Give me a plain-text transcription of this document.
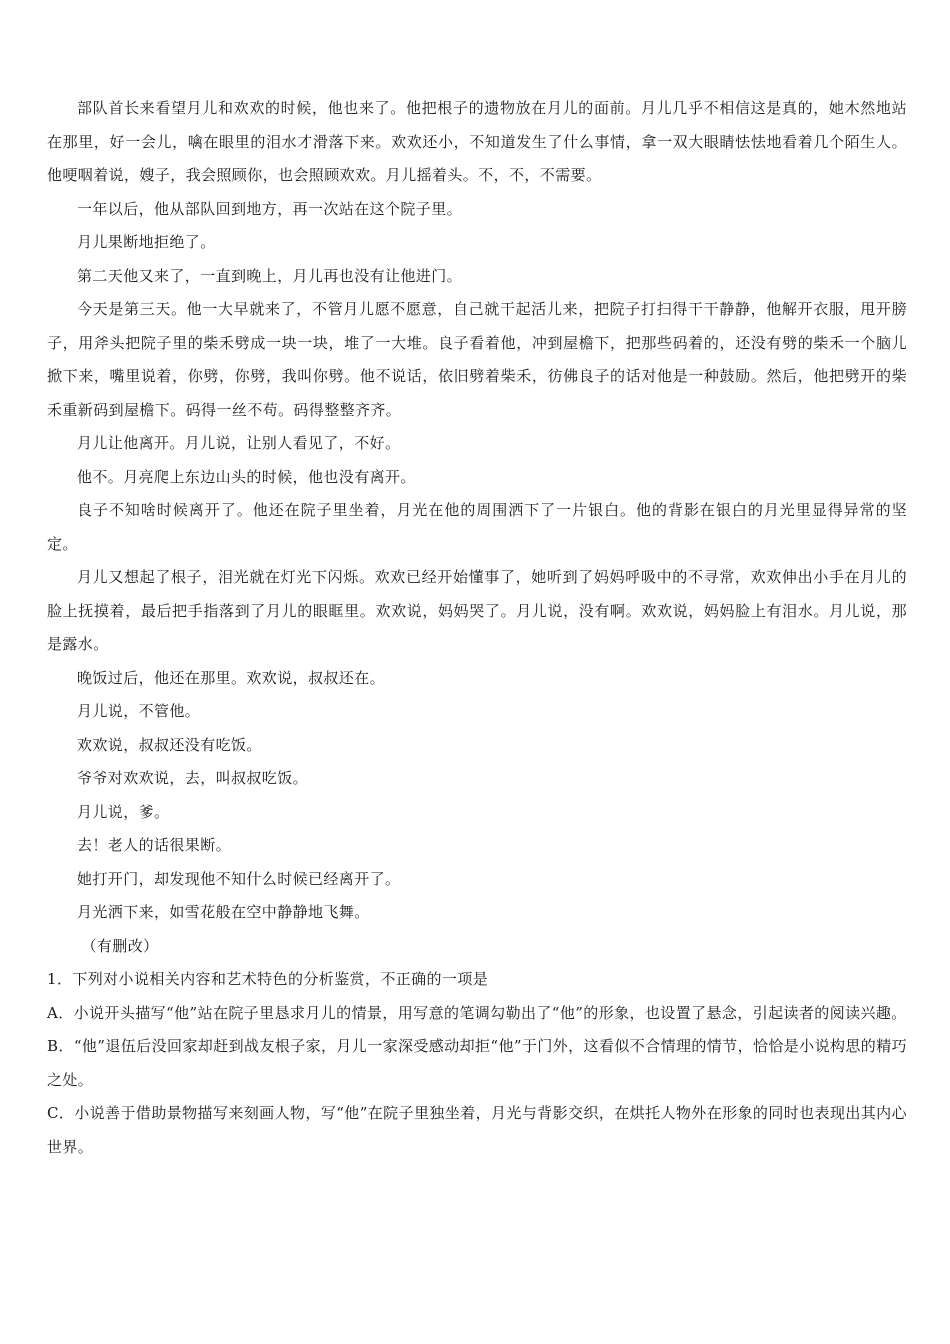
部队首长来看望月儿和欢欢的时候，他也来了。他把根子的遗物放在月儿的面前。月儿几乎不相信这是真的，她木然地站在那里，好一会儿，噙在眼里的泪水才滑落下来。欢欢还小，不知道发生了什么事情，拿一双大眼睛怯怯地看着几个陌生人。他哽咽着说，嫂子，我会照顾你，也会照顾欢欢。月儿摇着头。不，不，不需要。

一年以后，他从部队回到地方，再一次站在这个院子里。

月儿果断地拒绝了。

第二天他又来了，一直到晚上，月儿再也没有让他进门。

今天是第三天。他一大早就来了，不管月儿愿不愿意，自己就干起活儿来，把院子打扫得干干静静，他解开衣服，甩开膀子，用斧头把院子里的柴禾劈成一块一块，堆了一大堆。良子看着他，冲到屋檐下，把那些码着的，还没有劈的柴禾一个脑儿掀下来，嘴里说着，你劈，你劈，我叫你劈。他不说话，依旧劈着柴禾，彷佛良子的话对他是一种鼓励。然后，他把劈开的柴禾重新码到屋檐下。码得一丝不苟。码得整整齐齐。

月儿让他离开。月儿说，让别人看见了，不好。

他不。月亮爬上东边山头的时候，他也没有离开。

良子不知啥时候离开了。他还在院子里坐着，月光在他的周围洒下了一片银白。他的背影在银白的月光里显得异常的坚定。

月儿又想起了根子，泪光就在灯光下闪烁。欢欢已经开始懂事了，她听到了妈妈呼吸中的不寻常，欢欢伸出小手在月儿的脸上抚摸着，最后把手指落到了月儿的眼眶里。欢欢说，妈妈哭了。月儿说，没有啊。欢欢说，妈妈脸上有泪水。月儿说，那是露水。

晚饭过后，他还在那里。欢欢说，叔叔还在。

月儿说，不管他。

欢欢说，叔叔还没有吃饭。

爷爷对欢欢说，去，叫叔叔吃饭。

月儿说，爹。

去！老人的话很果断。

她打开门，却发现他不知什么时候已经离开了。

月光洒下来，如雪花般在空中静静地飞舞。

（有删改）

1．下列对小说相关内容和艺术特色的分析鉴赏，不正确的一项是

A．小说开头描写“他”站在院子里恳求月儿的情景，用写意的笔调勾勒出了“他”的形象，也设置了悬念，引起读者的阅读兴趣。

B．“他”退伍后没回家却赶到战友根子家，月儿一家深受感动却拒“他”于门外，这看似不合情理的情节，恰恰是小说构思的精巧之处。

C．小说善于借助景物描写来刻画人物，写“他”在院子里独坐着，月光与背影交织，在烘托人物外在形象的同时也表现出其内心世界。
